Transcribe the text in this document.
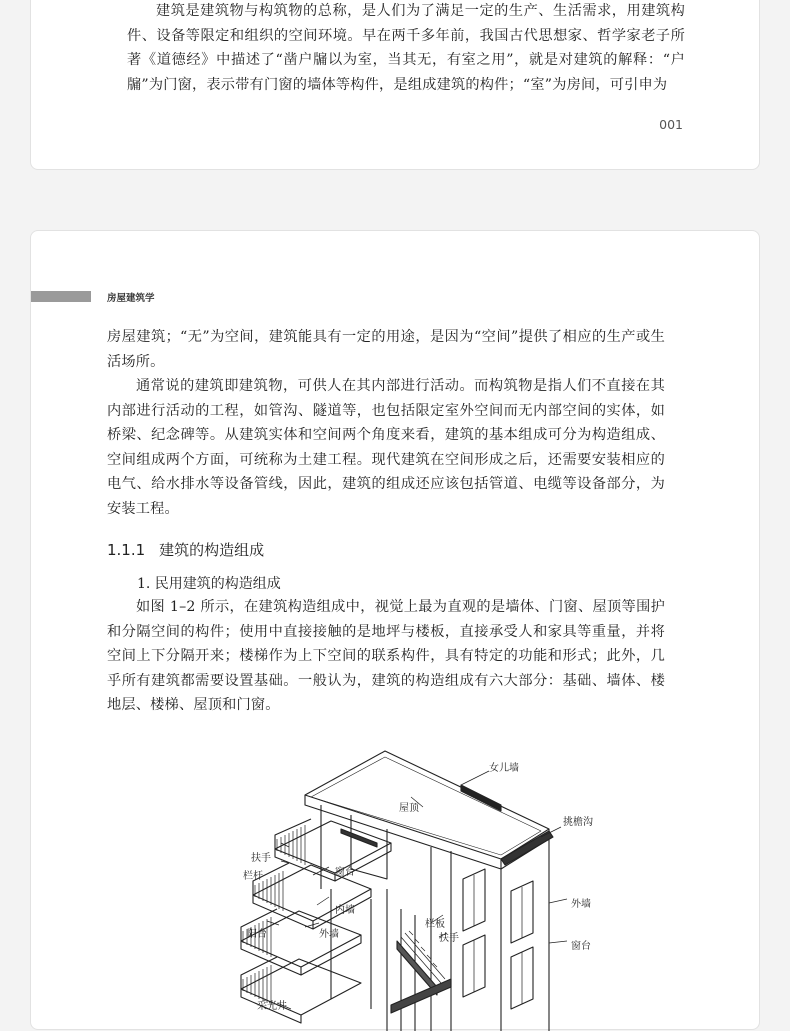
建筑是建筑物与构筑物的总称，是人们为了满足一定的生产、生活需求，用建筑构件、设备等限定和组织的空间环境。早在两千多年前，我国古代思想家、哲学家老子所著《道德经》中描述了“凿户牖以为室，当其无，有室之用”，就是对建筑的解释：“户牖”为门窗，表示带有门窗的墙体等构件，是组成建筑的构件；“室”为房间，可引申为

001
房屋建筑学

房屋建筑；“无”为空间，建筑能具有一定的用途，是因为“空间”提供了相应的生产或生活场所。

通常说的建筑即建筑物，可供人在其内部进行活动。而构筑物是指人们不直接在其内部进行活动的工程，如管沟、隧道等，也包括限定室外空间而无内部空间的实体，如桥梁、纪念碑等。从建筑实体和空间两个角度来看，建筑的基本组成可分为构造组成、空间组成两个方面，可统称为土建工程。现代建筑在空间形成之后，还需要安装相应的电气、给水排水等设备管线，因此，建筑的组成还应该包括管道、电缆等设备部分，为安装工程。

1.1.1 建筑的构造组成
1. 民用建筑的构造组成

如图 1–2 所示，在建筑构造组成中，视觉上最为直观的是墙体、门窗、屋顶等围护和分隔空间的构件；使用中直接接触的是地坪与楼板，直接承受人和家具等重量，并将空间上下分隔开来；楼梯作为上下空间的联系构件，具有特定的功能和形式；此外，几乎所有建筑都需要设置基础。一般认为，建筑的构造组成有六大部分：基础、墙体、楼地层、楼梯、屋顶和门窗。

女儿墙
屋顶
挑檐沟
扶手
栏杆	窗台
内墙
阳台	外墙
栏板
扶手
外墙
窗台
采光井
